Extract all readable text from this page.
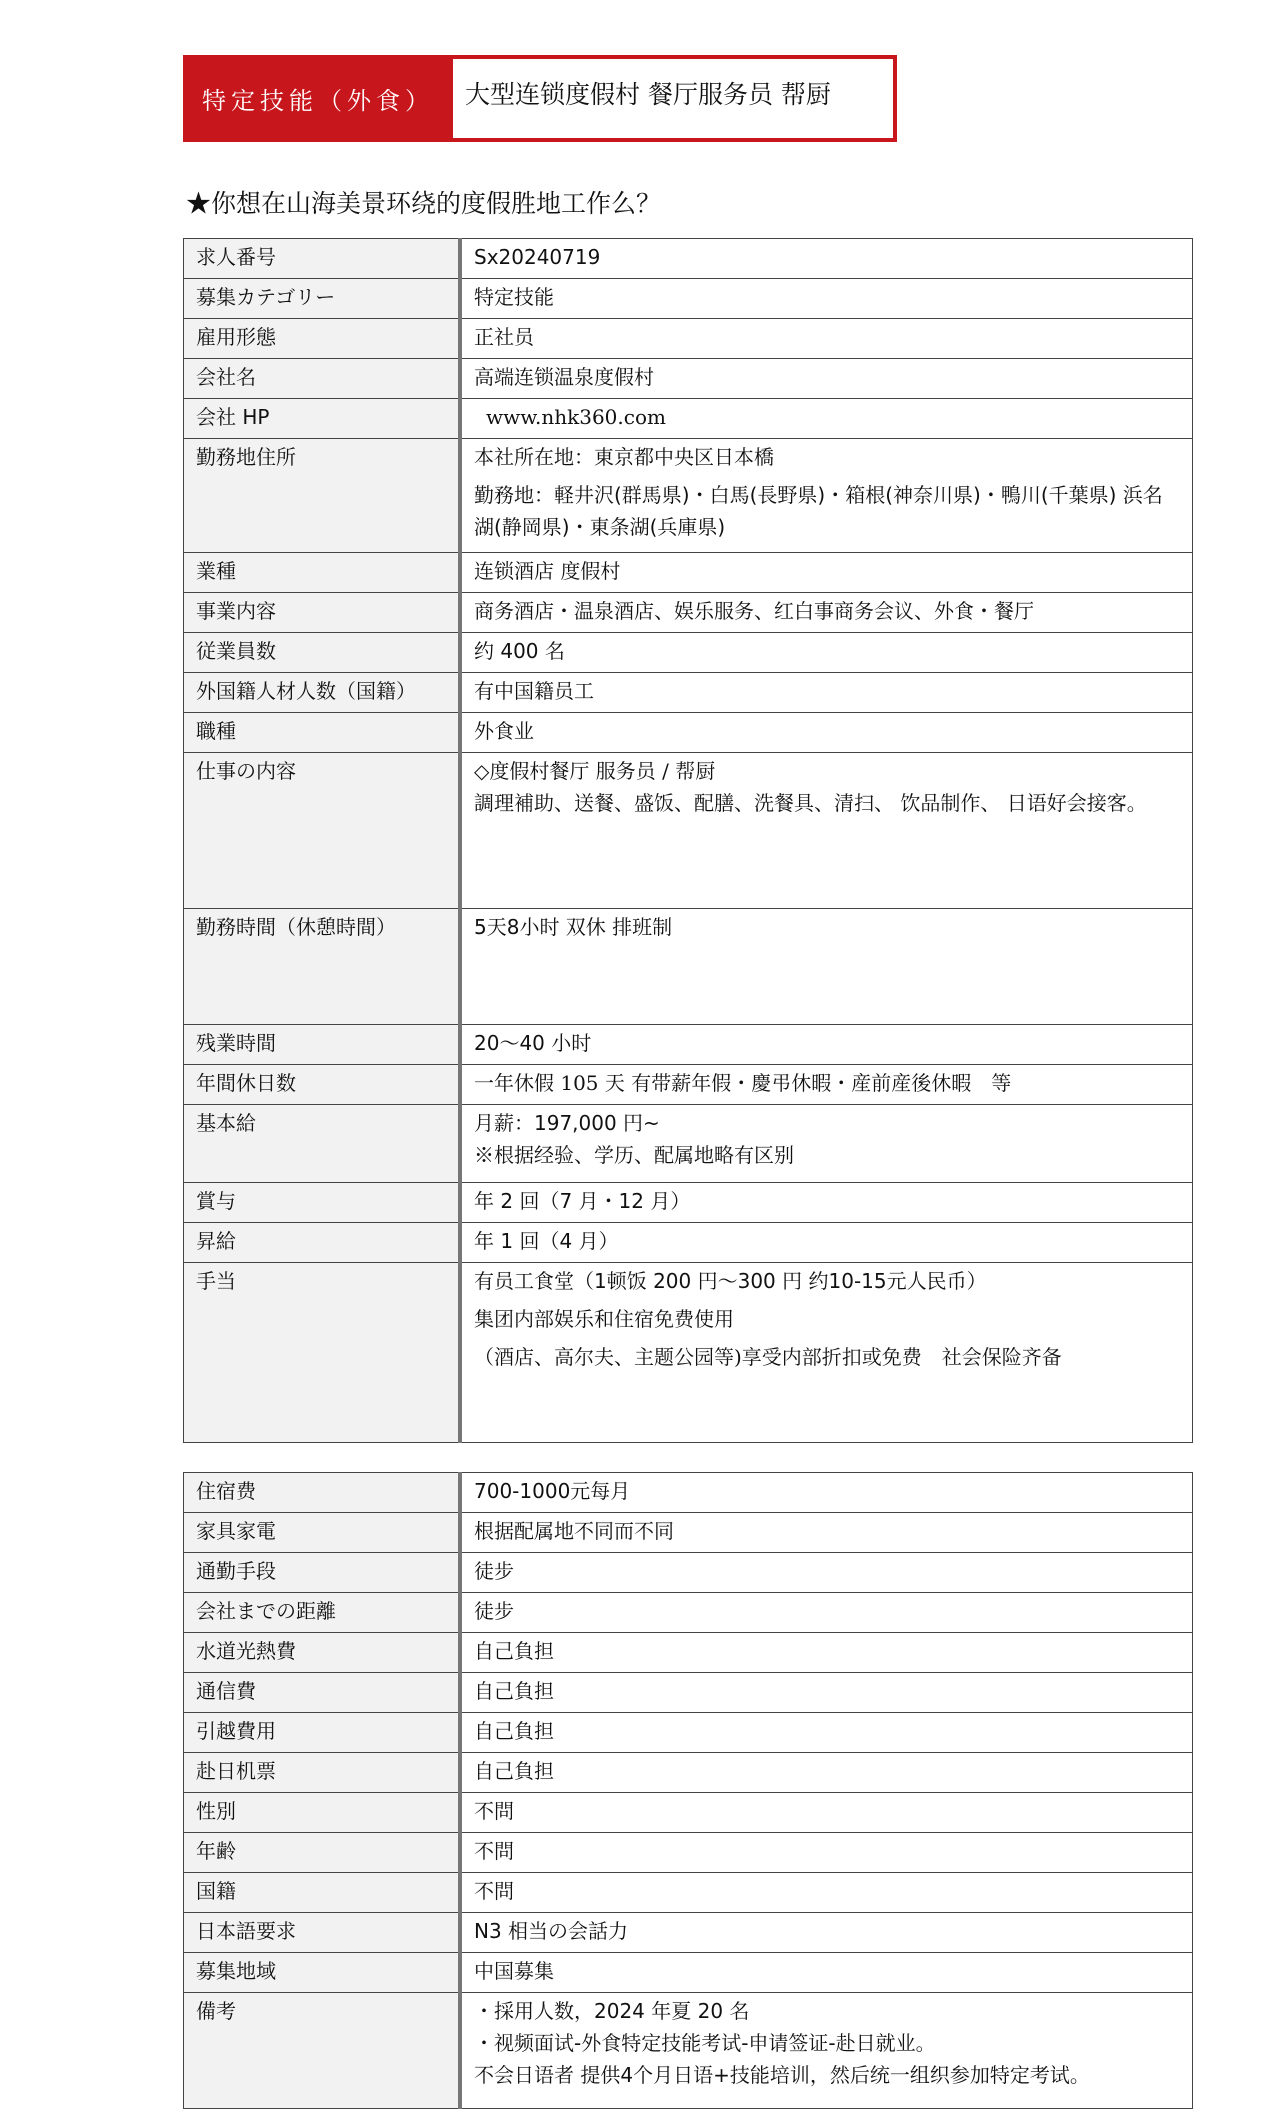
特定技能（外食）	大型连锁度假村 餐厅服务员 帮厨
★你想在山海美景环绕的度假胜地工作么？
求人番号	Sx20240719

募集カテゴリー	特定技能

雇用形態	正社员

会社名	高端连锁温泉度假村

会社 HP	www.nhk360.com

勤務地住所	本社所在地：東京都中央区日本橋
勤務地：軽井沢(群馬県)・白馬(長野県)・箱根(神奈川県)・鴨川(千葉県) 浜名湖(静岡県)・東条湖(兵庫県)

業種	连锁酒店 度假村

事業内容	商务酒店・温泉酒店、娱乐服务、红白事商务会议、外食・餐厅

従業員数	约 400 名

外国籍人材人数（国籍）	有中国籍员工

職種	外食业

仕事の内容	◇度假村餐厅 服务员 / 帮厨
調理補助、送餐、盛饭、配膳、洗餐具、清扫、 饮品制作、 日语好会接客。

勤務時間（休憩時間）	5天8小时 双休 排班制

残業時間	20～40 小时

年間休日数	一年休假 105 天 有带薪年假・慶弔休暇・産前産後休暇　等

基本給	月薪：197,000 円~
※根据经验、学历、配属地略有区别

賞与	年 2 回（7 月・12 月）

昇給	年 1 回（4 月）

手当	有员工食堂（1顿饭 200 円～300 円 约10-15元人民币）
集团内部娱乐和住宿免费使用
（酒店、高尔夫、主题公园等)享受内部折扣或免费　社会保险齐备
住宿费	700-1000元每月

家具家電	根据配属地不同而不同

通勤手段	徒步

会社までの距離	徒步

水道光熱費	自己負担

通信費	自己負担

引越費用	自己負担

赴日机票	自己負担

性別	不問

年齢	不問

国籍	不問

日本語要求	N3 相当の会話力

募集地域	中国募集

備考	・採用人数，2024 年夏 20 名
・视频面试-外食特定技能考试-申请签证-赴日就业。
不会日语者 提供4个月日语+技能培训，然后统一组织参加特定考试。
